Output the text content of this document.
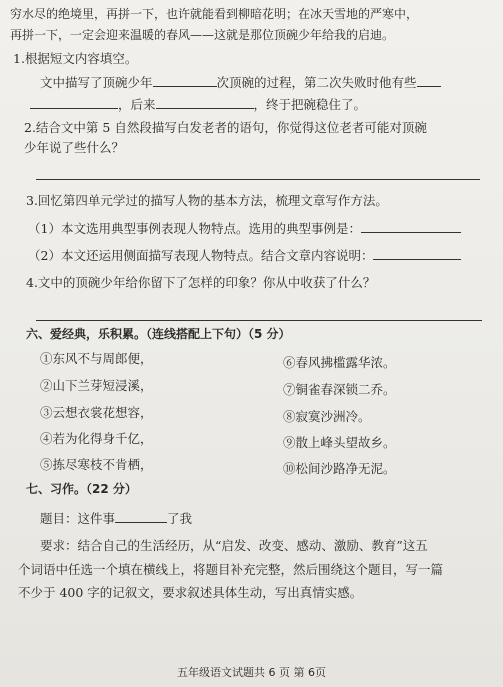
穷水尽的绝境里，再拼一下，也许就能看到柳暗花明；在冰天雪地的严寒中，
再拼一下，一定会迎来温暖的春风——这就是那位顶碗少年给我的启迪。
1.根据短文内容填空。
文中描写了顶碗少年	次顶碗的过程，第二次失败时他有些
，后来	，终于把碗稳住了。
2.结合文中第 5 自然段描写白发老者的语句，你觉得这位老者可能对顶碗
少年说了些什么？
3.回忆第四单元学过的描写人物的基本方法，梳理文章写作方法。
（1）本文选用典型事例表现人物特点。选用的典型事例是：
（2）本文还运用侧面描写表现人物特点。结合文章内容说明：
4.文中的顶碗少年给你留下了怎样的印象？你从中收获了什么？
六、爱经典，乐积累。（连线搭配上下句）（5 分）
①东风不与周郎便，
②山下兰芽短浸溪，
③云想衣裳花想容，
④若为化得身千亿，
⑤拣尽寒枝不肯栖，
⑥春风拂槛露华浓。
⑦铜雀春深锁二乔。
⑧寂寞沙洲冷。
⑨散上峰头望故乡。
⑩松间沙路净无泥。
七、习作。（22 分）
题目：这件事	了我
要求：结合自己的生活经历，从“启发、改变、感动、激励、教育”这五
个词语中任选一个填在横线上，将题目补充完整，然后围绕这个题目，写一篇
不少于 400 字的记叙文，要求叙述具体生动，写出真情实感。
五年级语文试题共 6 页 第 6页
